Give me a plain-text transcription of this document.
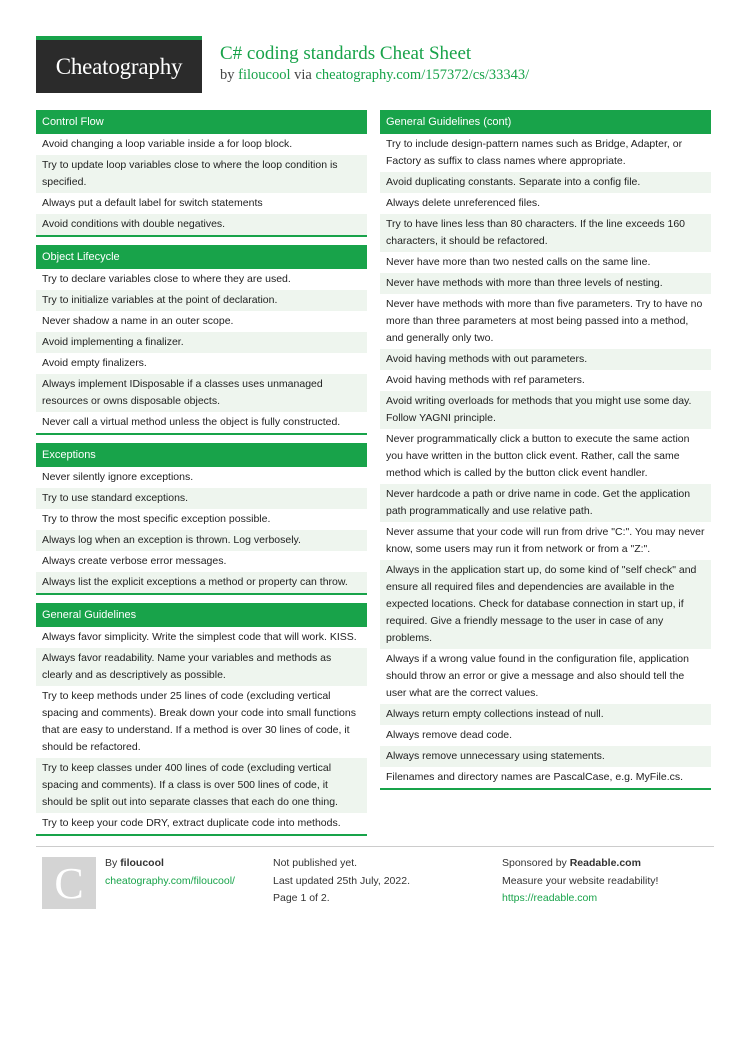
Cheatography C# coding standards Cheat Sheet
by filoucool via cheatography.com/157372/cs/33343/
Control Flow
Avoid changing a loop variable inside a for loop block.
Try to update loop variables close to where the loop condition is specified.
Always put a default label for switch statements
Avoid conditions with double negatives.
Object Lifecycle
Try to declare variables close to where they are used.
Try to initialize variables at the point of declaration.
Never shadow a name in an outer scope.
Avoid implementing a finalizer.
Avoid empty finalizers.
Always implement IDisposable if a classes uses unmanaged resources or owns disposable objects.
Never call a virtual method unless the object is fully constructed.
Exceptions
Never silently ignore exceptions.
Try to use standard exceptions.
Try to throw the most specific exception possible.
Always log when an exception is thrown. Log verbosely.
Always create verbose error messages.
Always list the explicit exceptions a method or property can throw.
General Guidelines
Always favor simplicity. Write the simplest code that will work. KISS.
Always favor readability. Name your variables and methods as clearly and as descriptively as possible.
Try to keep methods under 25 lines of code (excluding vertical spacing and comments). Break down your code into small functions that are easy to understand. If a method is over 30 lines of code, it should be refactored.
Try to keep classes under 400 lines of code (excluding vertical spacing and comments). If a class is over 500 lines of code, it should be split out into separate classes that each do one thing.
Try to keep your code DRY, extract duplicate code into methods.
General Guidelines (cont)
Try to include design-pattern names such as Bridge, Adapter, or Factory as suffix to class names where appropriate.
Avoid duplicating constants. Separate into a config file.
Always delete unreferenced files.
Try to have lines less than 80 characters. If the line exceeds 160 characters, it should be refactored.
Never have more than two nested calls on the same line.
Never have methods with more than three levels of nesting.
Never have methods with more than five parameters. Try to have no more than three parameters at most being passed into a method, and generally only two.
Avoid having methods with out parameters.
Avoid having methods with ref parameters.
Avoid writing overloads for methods that you might use some day. Follow YAGNI principle.
Never programmatically click a button to execute the same action you have written in the button click event. Rather, call the same method which is called by the button click event handler.
Never hardcode a path or drive name in code. Get the application path programmatically and use relative path.
Never assume that your code will run from drive "C:". You may never know, some users may run it from network or from a "Z:".
Always in the application start up, do some kind of "self check" and ensure all required files and dependencies are available in the expected locations. Check for database connection in start up, if required. Give a friendly message to the user in case of any problems.
Always if a wrong value found in the configuration file, application should throw an error or give a message and also should tell the user what are the correct values.
Always return empty collections instead of null.
Always remove dead code.
Always remove unnecessary using statements.
Filenames and directory names are PascalCase, e.g. MyFile.cs.
C By filoucool
cheatography.com/filoucool/
Not published yet.
Last updated 25th July, 2022.
Page 1 of 2.
Sponsored by Readable.com
Measure your website readability!
https://readable.com
